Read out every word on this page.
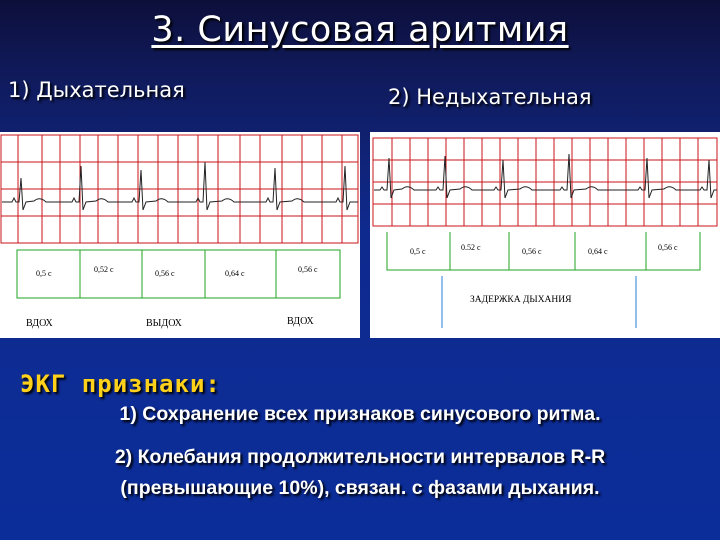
3. Синусовая аритмия
1) Дыхательная	2) Недыхательная
0,5 с	0,52 с	0,56 с	0,64 с	0,56 с
ВДОХ	ВЫДОХ	ВДОХ
0,5 с	0.52 с	0,56 с	0,64 с	0,56 с
ЗАДЕРЖКА ДЫХАНИЯ
ЭКГ признаки:
1) Сохранение всех признаков синусового ритма.
2) Колебания продолжительности интервалов R-R
(превышающие 10%), связан. с фазами дыхания.
